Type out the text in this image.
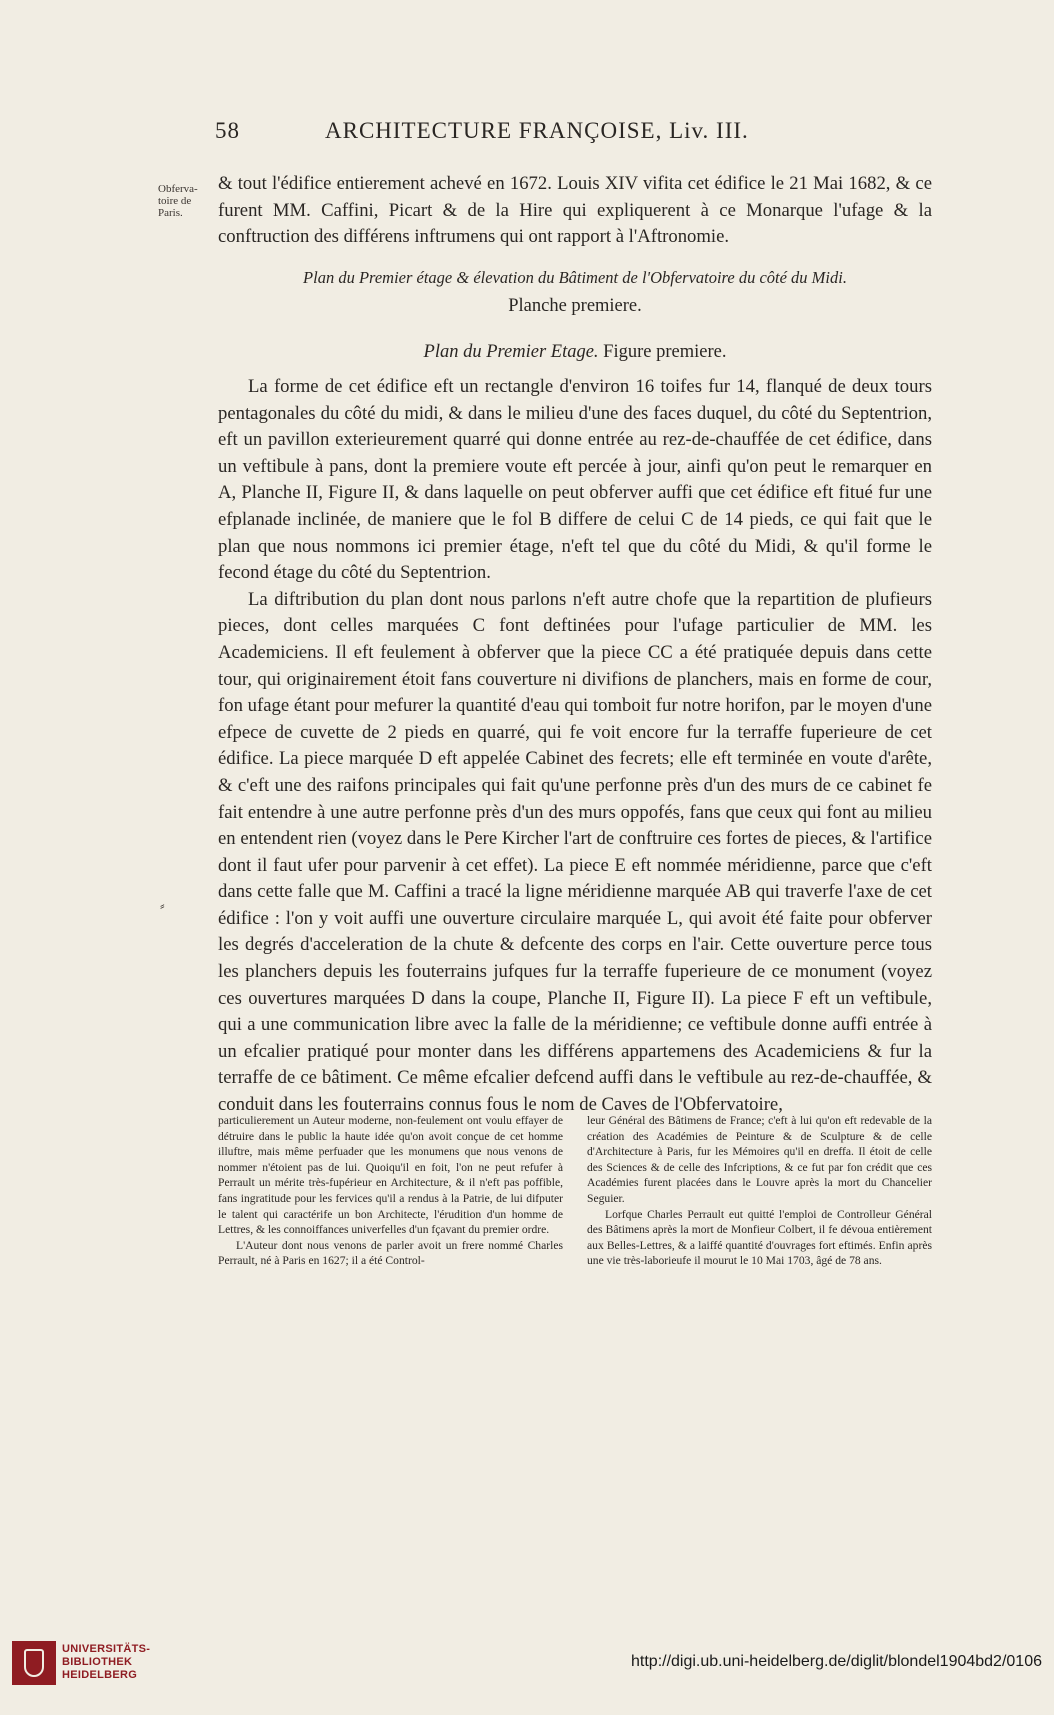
58	ARCHITECTURE FRANÇOISE, Liv. III.
Obferva-toire de Paris.

& tout l'édifice entierement achevé en 1672. Louis XIV vifita cet édifice le 21 Mai 1682, & ce furent MM. Caffini, Picart & de la Hire qui expliquerent à ce Monarque l'ufage & la conftruction des différens inftrumens qui ont rapport à l'Aftronomie.

Plan du Premier étage & élevation du Bâtiment de l'Obfervatoire du côté du Midi.
Planche premiere.
Plan du Premier Etage. Figure premiere.

La forme de cet édifice eft un rectangle d'environ 16 toifes fur 14, flanqué de deux tours pentagonales du côté du midi, & dans le milieu d'une des faces duquel, du côté du Septentrion, eft un pavillon exterieurement quarré qui donne entrée au rez-de-chauffée de cet édifice, dans un veftibule à pans, dont la premiere voute eft percée à jour, ainfi qu'on peut le remarquer en A, Planche II, Figure II, & dans laquelle on peut obferver auffi que cet édifice eft fitué fur une efplanade inclinée, de maniere que le fol B differe de celui C de 14 pieds, ce qui fait que le plan que nous nommons ici premier étage, n'eft tel que du côté du Midi, & qu'il forme le fecond étage du côté du Septentrion.

La diftribution du plan dont nous parlons n'eft autre chofe que la repartition de plufieurs pieces, dont celles marquées C font deftinées pour l'ufage particulier de MM. les Academiciens. Il eft feulement à obferver que la piece CC a été pratiquée depuis dans cette tour, qui originairement étoit fans couverture ni divifions de planchers, mais en forme de cour, fon ufage étant pour mefurer la quantité d'eau qui tomboit fur notre horifon, par le moyen d'une efpece de cuvette de 2 pieds en quarré, qui fe voit encore fur la terraffe fuperieure de cet édifice. La piece marquée D eft appelée Cabinet des fecrets; elle eft terminée en voute d'arête, & c'eft une des raifons principales qui fait qu'une perfonne près d'un des murs de ce cabinet fe fait entendre à une autre perfonne près d'un des murs oppofés, fans que ceux qui font au milieu en entendent rien (voyez dans le Pere Kircher l'art de conftruire ces fortes de pieces, & l'artifice dont il faut ufer pour parvenir à cet effet). La piece E eft nommée méridienne, parce que c'eft dans cette falle que M. Caffini a tracé la ligne méridienne marquée AB qui traverfe l'axe de cet édifice : l'on y voit auffi une ouverture circulaire marquée L, qui avoit été faite pour obferver les degrés d'acceleration de la chute & defcente des corps en l'air. Cette ouverture perce tous les planchers depuis les fouterrains jufques fur la terraffe fuperieure de ce monument (voyez ces ouvertures marquées D dans la coupe, Planche II, Figure II). La piece F eft un veftibule, qui a une communication libre avec la falle de la méridienne; ce veftibule donne auffi entrée à un efcalier pratiqué pour monter dans les différens appartemens des Academiciens & fur la terraffe de ce bâtiment. Ce même efcalier defcend auffi dans le veftibule au rez-de-chauffée, & conduit dans les fouterrains connus fous le nom de Caves de l'Obfervatoire,

⸗

particulierement un Auteur moderne, non-feulement ont voulu effayer de détruire dans le public la haute idée qu'on avoit conçue de cet homme illuftre, mais même perfuader que les monumens que nous venons de nommer n'étoient pas de lui. Quoiqu'il en foit, l'on ne peut refufer à Perrault un mérite très-fupérieur en Architecture, & il n'eft pas poffible, fans ingratitude pour les fervices qu'il a rendus à la Patrie, de lui difputer le talent qui caractérife un bon Architecte, l'érudition d'un homme de Lettres, & les connoiffances univerfelles d'un fçavant du premier ordre.

L'Auteur dont nous venons de parler avoit un frere nommé Charles Perrault, né à Paris en 1627; il a été Control-

leur Général des Bâtimens de France; c'eft à lui qu'on eft redevable de la création des Académies de Peinture & de Sculpture & de celle d'Architecture à Paris, fur les Mémoires qu'il en dreffa. Il étoit de celle des Sciences & de celle des Infcriptions, & ce fut par fon crédit que ces Académies furent placées dans le Louvre après la mort du Chancelier Seguier.

Lorfque Charles Perrault eut quitté l'emploi de Controlleur Général des Bâtimens après la mort de Monfieur Colbert, il fe dévoua entièrement aux Belles-Lettres, & a laiffé quantité d'ouvrages fort eftimés. Enfin après une vie très-laborieufe il mourut le 10 Mai 1703, âgé de 78 ans.

UNIVERSITÄTS-
BIBLIOTHEK
HEIDELBERG
http://digi.ub.uni-heidelberg.de/diglit/blondel1904bd2/0106
